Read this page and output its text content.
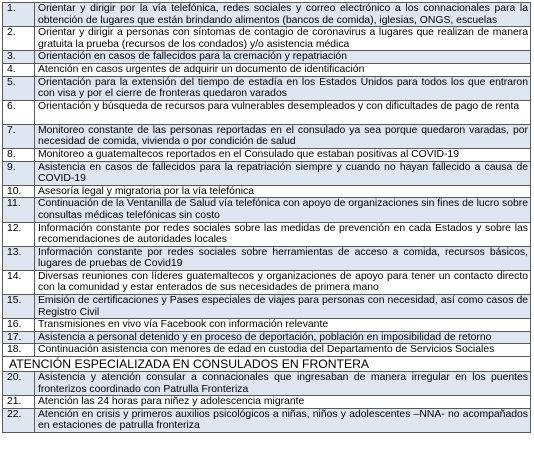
1.	Orientar y dirigir por la vía telefónica, redes sociales y correo electrónico a los connacionales para la obtención de lugares que están brindando alimentos (bancos de comida), iglesias, ONGS, escuelas
2.	Orientar y dirigir a personas con síntomas de contagio de coronavirus a lugares que realizan de manera gratuita la prueba (recursos de los condados) y/o asistencia médica
3.	Orientación en casos de fallecidos para la cremación y repatriación
4.	Atención en casos urgentes de adquirir un documento de identificación
5.	Orientación para la extensión del tiempo de estadía en los Estados Unidos para todos los que entraron con visa y por el cierre de fronteras quedaron varados
6.	Orientación y búsqueda de recursos para vulnerables desempleados y con dificultades de pago de renta
7.	Monitoreo constante de las personas reportadas en el consulado ya sea porque quedaron varadas, por necesidad de comida, vivienda o por condición de salud
8.	Monitoreo a guatemaltecos reportados en el Consulado que estaban positivas al COVID-19
9.	Asistencia en casos de fallecidos para la repatriación siempre y cuando no hayan fallecido a causa de COVID-19
10.	Asesoría legal y migratoria por la vía telefónica
11.	Continuación de la Ventanilla de Salud vía telefónica con apoyo de organizaciones sin fines de lucro sobre consultas médicas telefónicas sin costo
12.	Información constante por redes sociales sobre las medidas de prevención en cada Estados y sobre las recomendaciones de autoridades locales
13.	Información constante por redes sociales sobre herramientas de acceso a comida, recursos básicos, lugares de pruebas de Covid19
14.	Diversas reuniones con líderes guatemaltecos y organizaciones de apoyo para tener un contacto directo con la comunidad y estar enterados de sus necesidades de primera mano
15.	Emisión de certificaciones y Pases especiales de viajes para personas con necesidad, así como casos de Registro Civil
16.	Transmisiones en vivo vía Facebook con información relevante
17.	Asistencia a personal detenido y en proceso de deportación, población en imposibilidad de retorno
18.	Continuación asistencia con menores de edad en custodia del Departamento de Servicios Sociales
ATENCIÓN ESPECIALIZADA EN CONSULADOS EN FRONTERA	
20.	Asistencia y atención consular a connacionales que ingresaban de manera irregular en los puentes fronterizos coordinado con Patrulla Fronteriza
21.	Atención las 24 horas para niñez y adolescencia migrante
22.	Atención en crisis y primeros auxilios psicológicos a niñas, niños y adolescentes –NNA- no acompañados en estaciones de patrulla fronteriza
